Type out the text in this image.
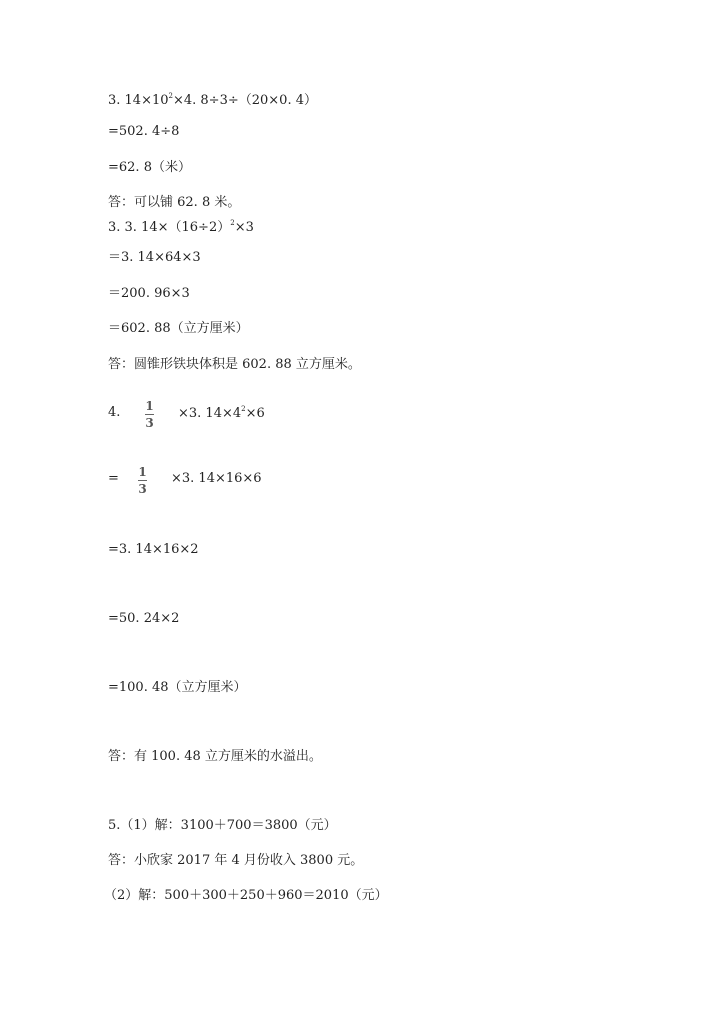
3. $14\times 10^2\times 4$. 8÷3÷（20×0. 4）
=502. 4÷8
=62. 8（米）
答：可以铺 62. 8 米。
3. 3. $14\times(16\div 2)^2\times 3$
＝3. 14×64×3
＝200. 96×3
＝602. 88（立方厘米）
答：圆锥形铁块体积是 602. 88 立方厘米。
4. 1
3
×3. $14\times 4^2\times 6$
= 1
3
×3. 14×16×6
=3. 14×16×2
=50. 24×2
=100. 48（立方厘米）
答：有 100. 48 立方厘米的水溢出。
5.（1）解：3100＋700＝3800（元）
答：小欣家 2017 年 4 月份收入 3800 元。
（2）解：500＋300＋250＋960＝2010（元）
